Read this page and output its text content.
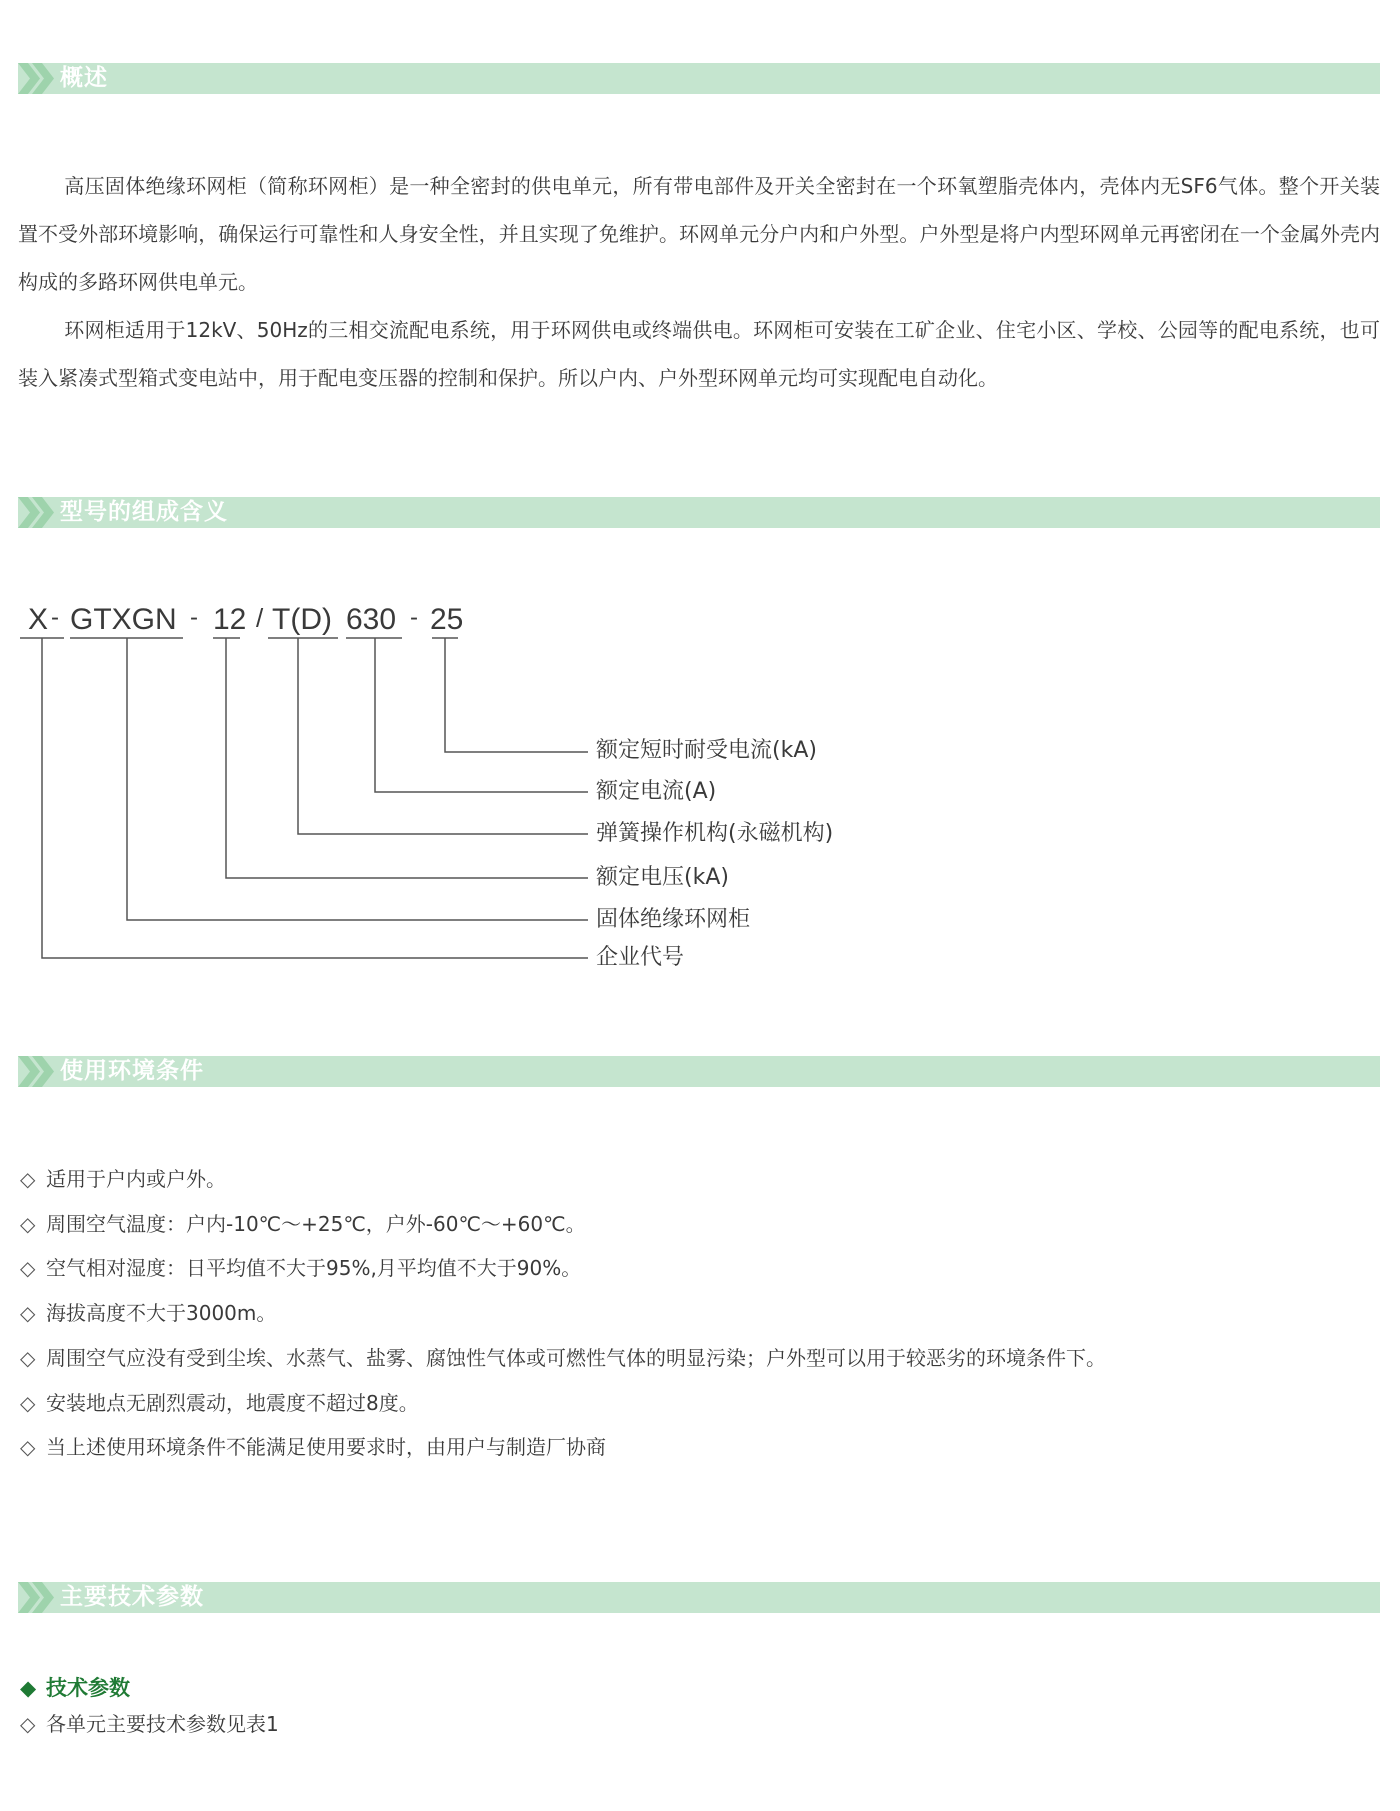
概述

高压固体绝缘环网柜（简称环网柜）是一种全密封的供电单元，所有带电部件及开关全密封在一个环氧塑脂壳体内，壳体内无SF6气体。整个开关装置不受外部环境影响，确保运行可靠性和人身安全性，并且实现了免维护。环网单元分户内和户外型。户外型是将户内型环网单元再密闭在一个金属外壳内构成的多路环网供电单元。

环网柜适用于12kV、50Hz的三相交流配电系统，用于环网供电或终端供电。环网柜可安装在工矿企业、住宅小区、学校、公园等的配电系统，也可装入紧凑式型箱式变电站中，用于配电变压器的控制和保护。所以户内、户外型环网单元均可实现配电自动化。

型号的组成含义
X - GTXGN - 12 / T(D) 630 - 25
额定短时耐受电流(kA)
额定电流(A)
弹簧操作机构(永磁机构)
额定电压(kA)
固体绝缘环网柜
企业代号
使用环境条件
◇ 适用于户内或户外。
◇ 周围空气温度：户内-10℃～+25℃，户外-60℃～+60℃。
◇ 空气相对湿度：日平均值不大于95%,月平均值不大于90%。
◇ 海拔高度不大于3000m。
◇ 周围空气应没有受到尘埃、水蒸气、盐雾、腐蚀性气体或可燃性气体的明显污染；户外型可以用于较恶劣的环境条件下。
◇ 安装地点无剧烈震动，地震度不超过8度。
◇ 当上述使用环境条件不能满足使用要求时，由用户与制造厂协商
主要技术参数
◆ 技术参数
◇ 各单元主要技术参数见表1
